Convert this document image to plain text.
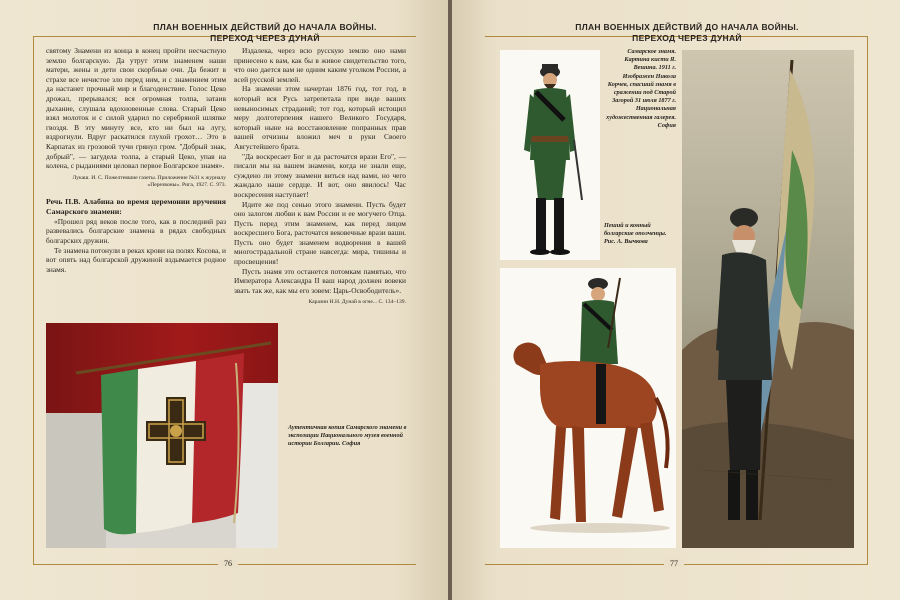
ПЛАН ВОЕННЫХ ДЕЙСТВИЙ ДО НАЧАЛА ВОЙНЫ.
ПЕРЕХОД ЧЕРЕЗ ДУНАЙ

святому Знамени из конца в конец пройти несчастную землю болгарскую. Да утрут этим знаменем наши матери, жены и дети свои скорбные очи. Да бежит в страхе все нечистое зло перед ним, и с знамением этим да настанет прочный мир и благоденствие. Голос Цеко дрожал, прерывался; вся огромная толпа, затаив дыхание, слушала вдохновенные слова. Старый Цеко взял молоток и с силой ударил по серебряной шляпке гвоздя. В эту минуту все, кто ни был на лугу, вздрогнули. Вдруг раскатился глухой грохот… Это в Карпатах из грозовой тучи грянул гром. "Добрый знак, добрый", — загудела толпа, а старый Цеко, упав на колена, с рыданиями целовал первое Болгарское знамя».

Лукаш. И. С. Пожелтевшие газеты. Приложение №31 к журналу «Перезвоны». Рига, 1927. С. 973.

Речь П.В. Алабина во время церемонии вручения Самарского знамени:

«Прошел ряд веков после того, как в последний раз развевались болгарские знамена в рядах свободных болгарских дружин.

Те знамена потонули в реках крови на полях Косова, и вот опять над болгарской дружиной вздымается родное знамя.

Издалека, через всю русскую землю оно нами принесено к вам, как бы в живое свидетельство того, что оно дается вам не одним каким уголком России, а всей русской землей.

На знамени этом начертан 1876 год, тот год, в который вся Русь затрепетала при виде ваших невыносимых страданий; тот год, который истощил меру долготерпения нашего Великого Государя, который ныне на восстановление попранных прав вашей отчизны вложил меч в руки Своего Августейшего брата.

"Да воскресает Бог и да расточатся врази Его", — писали мы на вашем знамени, когда не знали еще, суждено ли этому знамени виться над вами, но чего жаждало наше сердце. И вот, оно явилось! Час воскресения наступает!

Идите же под сенью этого знамени. Пусть будет оно залогом любви к вам России и ее могучего Отца. Пусть перед этим знаменем, как перед лицом воскресшего Бога, расточатся вековечные врази ваши. Пусть оно будет знаменем водворения в вашей многострадальной стране навсегда: мира, тишины и просвещения!

Пусть знамя это останется потомкам памятью, что Императора Александра II ваш народ должен вовеки звать так же, как мы его зовем: Царь-Освободитель».

Каразин Н.Н. Дунай в огне... С. 134–139.

Аутентичная копия Самарского знамени в экспозиции Национального музея военной истории Болгарии. София
76
ПЛАН ВОЕННЫХ ДЕЙСТВИЙ ДО НАЧАЛА ВОЙНЫ.
ПЕРЕХОД ЧЕРЕЗ ДУНАЙ
Самарское знамя. Картина кисти Я. Вешина. 1911 г. Изображен Никола Корчев, спасший знамя в сражении под Старой Загорой 31 июля 1877 г. Национальная художественная галерея. София
Пеший и конный болгарские ополченцы. Рис. А. Вычкова
77
